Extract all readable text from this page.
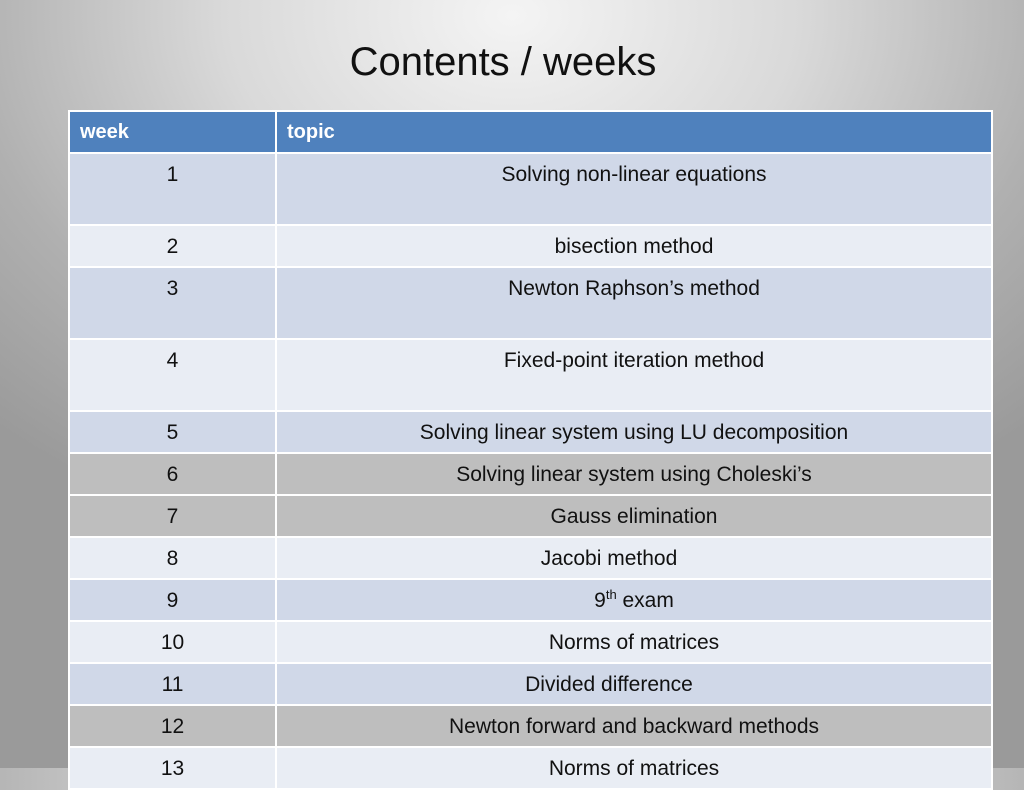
Contents / weeks
week	topic
1	Solving non-linear equations
2	bisection method
3	Newton Raphson’s method
4	Fixed-point iteration method
5	Solving linear system using LU decomposition
6	Solving linear system using Choleski’s
7	Gauss elimination
8	Jacobi method
9	9th exam
10	Norms of matrices
11	Divided difference
12	Newton forward and backward methods
13	Norms of matrices
